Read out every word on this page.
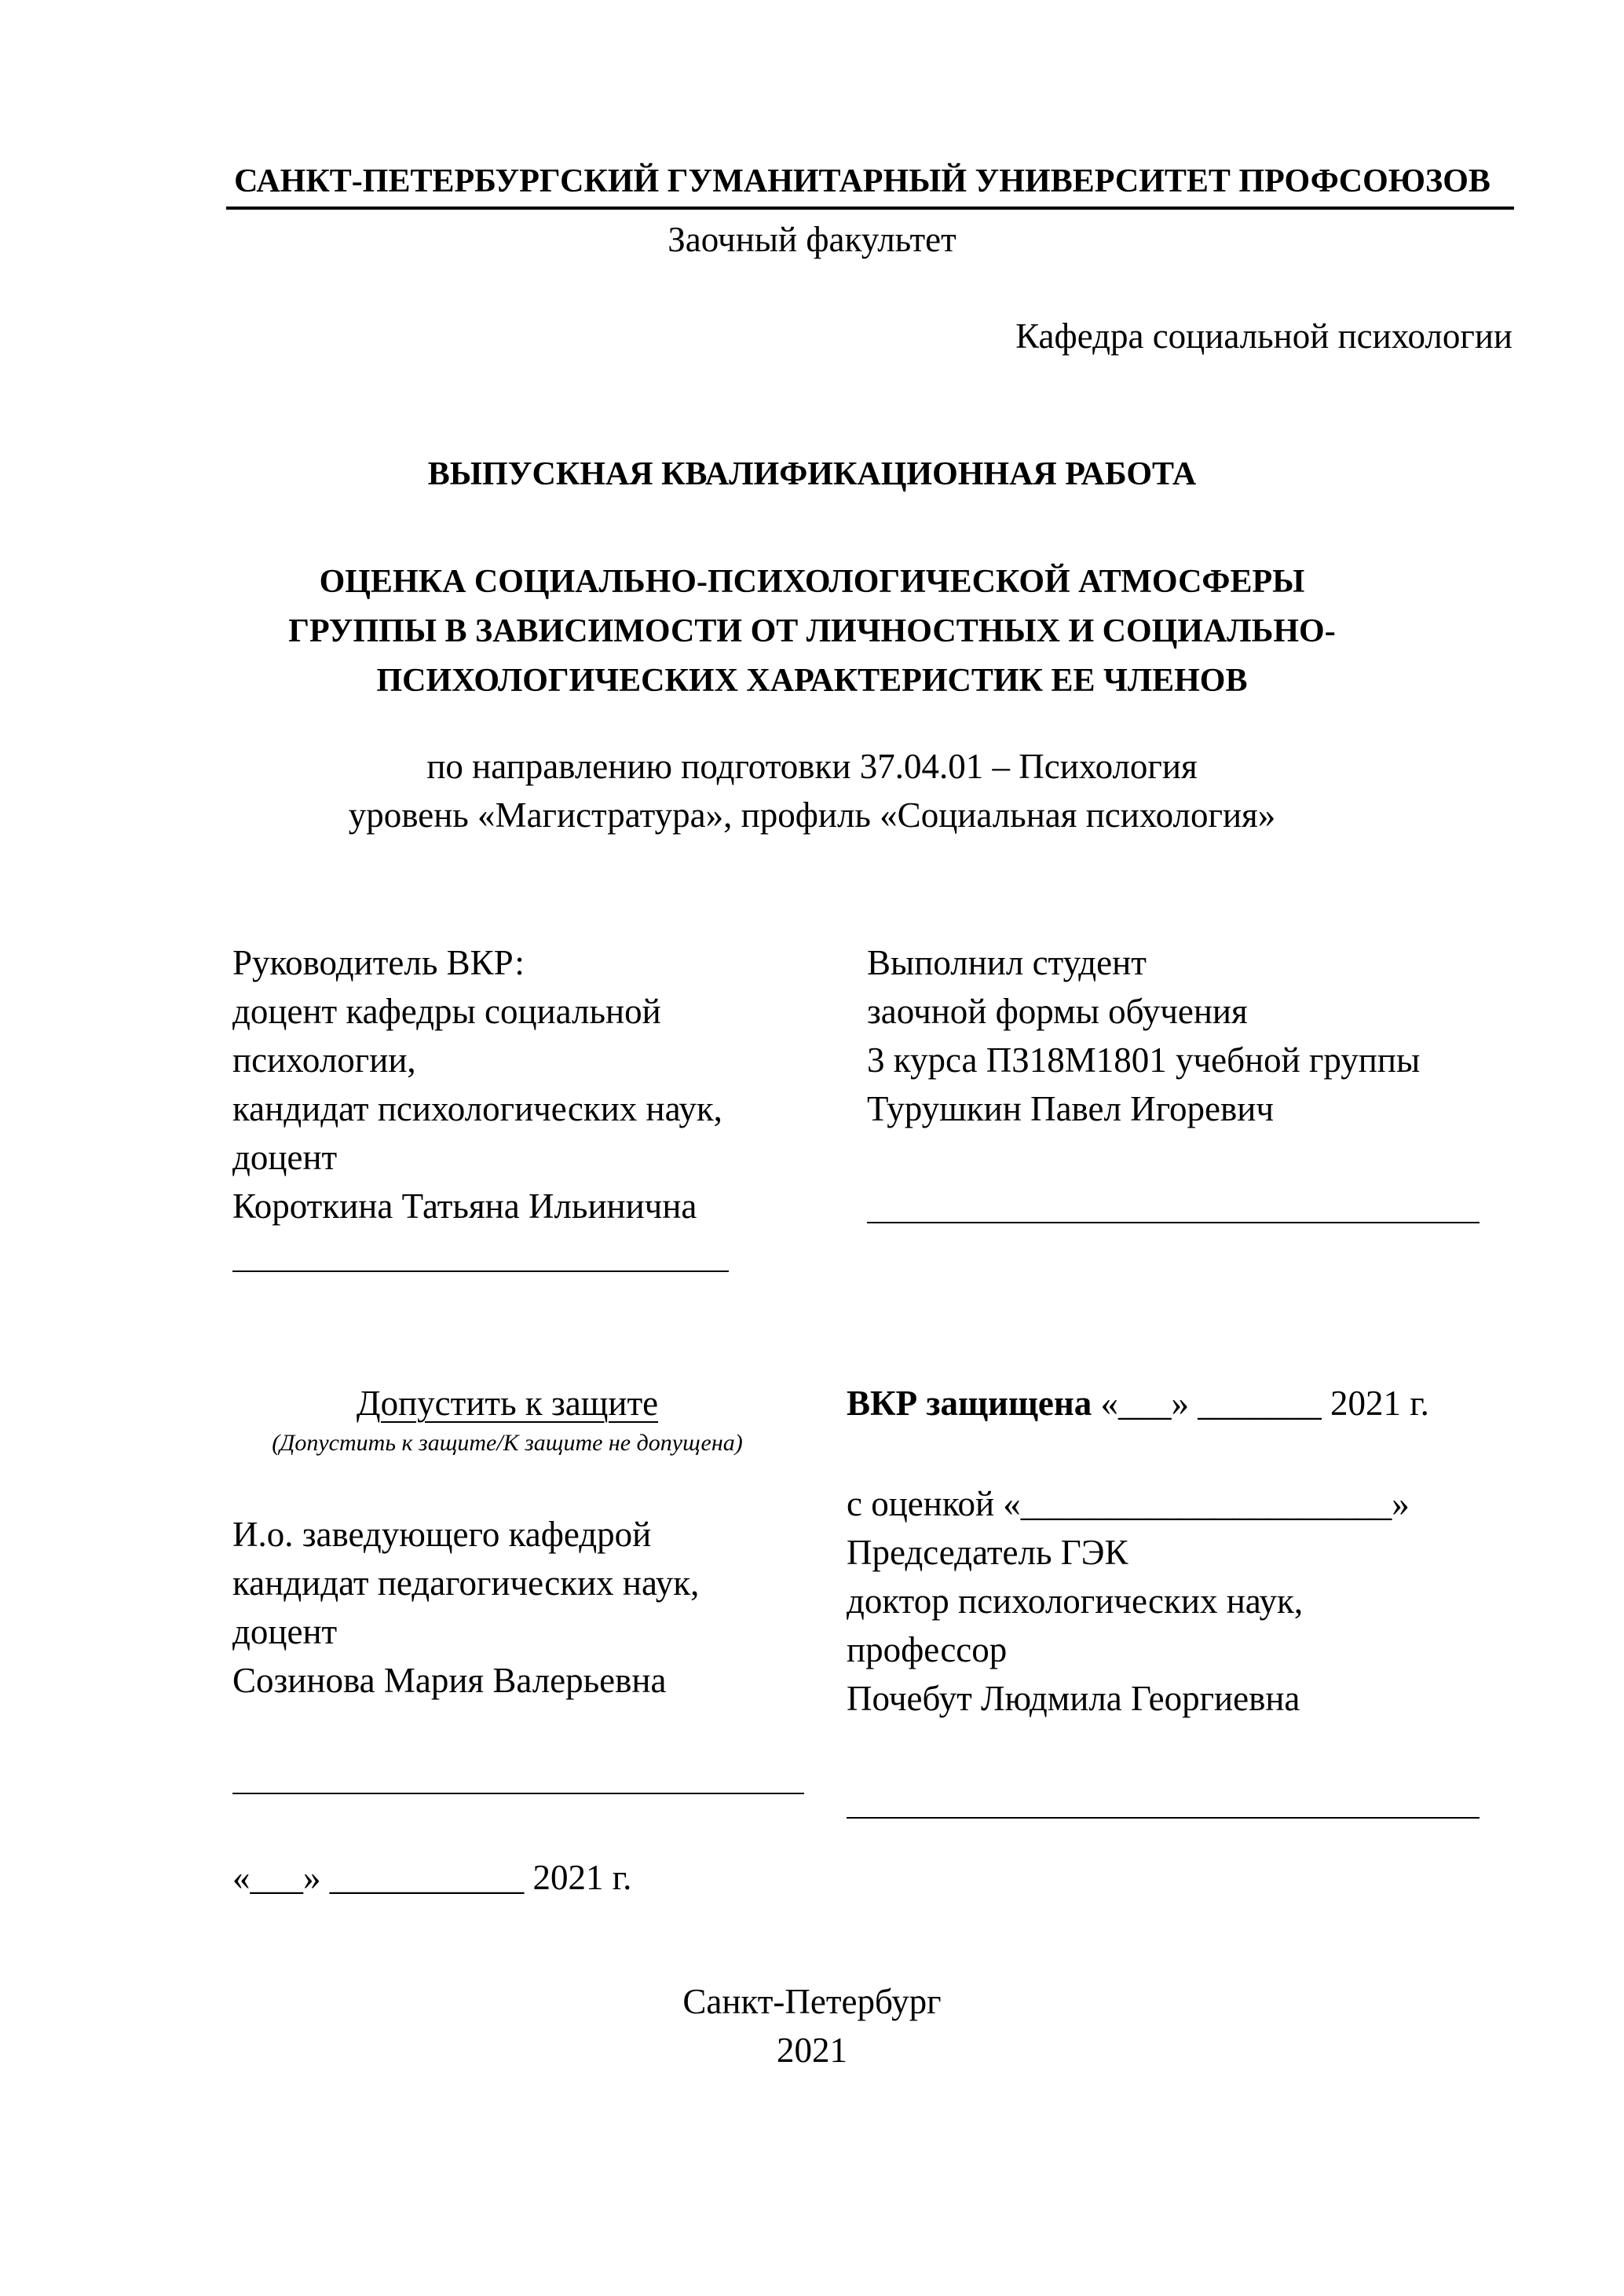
САНКТ-ПЕТЕРБУРГСКИЙ ГУМАНИТАРНЫЙ УНИВЕРСИТЕТ ПРОФСОЮЗОВ
Заочный факультет
Кафедра социальной психологии
ВЫПУСКНАЯ КВАЛИФИКАЦИОННАЯ РАБОТА
ОЦЕНКА СОЦИАЛЬНО-ПСИХОЛОГИЧЕСКОЙ АТМОСФЕРЫ
ГРУППЫ В ЗАВИСИМОСТИ ОТ ЛИЧНОСТНЫХ И СОЦИАЛЬНО-
ПСИХОЛОГИЧЕСКИХ ХАРАКТЕРИСТИК ЕЕ ЧЛЕНОВ
по направлению подготовки 37.04.01 – Психология
уровень «Магистратура», профиль «Социальная психология»
Руководитель ВКР:
доцент кафедры социальной
психологии,
кандидат психологических наук,
доцент
Короткина Татьяна Ильинична
Выполнил студент
заочной формы обучения
3 курса ПЗ18М1801 учебной группы
Турушкин Павел Игоревич
Допустить к защите
(Допустить к защите/К защите не допущена)
И.о. заведующего кафедрой
кандидат педагогических наук,
доцент
Созинова Мария Валерьевна
«___» ___________ 2021 г.
ВКР защищена «___» _______ 2021 г.
с оценкой «_____________________»
Председатель ГЭК
доктор психологических наук,
профессор
Почебут Людмила Георгиевна
Санкт-Петербург
2021
